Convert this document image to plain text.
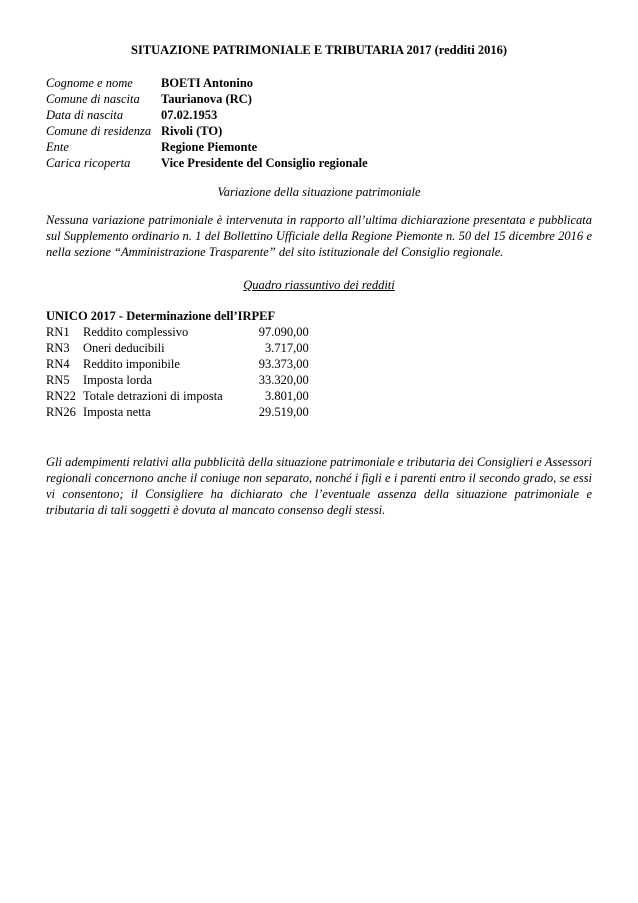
SITUAZIONE PATRIMONIALE E TRIBUTARIA 2017 (redditi 2016)
Cognome e nome	BOETI Antonino
Comune di nascita	Taurianova (RC)
Data di nascita	07.02.1953
Comune di residenza	Rivoli (TO)
Ente	Regione Piemonte
Carica ricoperta	Vice Presidente del Consiglio regionale
Variazione della situazione patrimoniale

Nessuna variazione patrimoniale è intervenuta in rapporto all’ultima dichiarazione presentata e pubblicata sul Supplemento ordinario n. 1 del Bollettino Ufficiale della Regione Piemonte n. 50 del 15 dicembre 2016 e nella sezione “Amministrazione Trasparente” del sito istituzionale del Consiglio regionale.

Quadro riassuntivo dei redditi
UNICO 2017 - Determinazione dell’IRPEF
RN1	Reddito complessivo	97.090,00
RN3	Oneri deducibili	3.717,00
RN4	Reddito imponibile	93.373,00
RN5	Imposta lorda	33.320,00
RN22	Totale detrazioni di imposta	3.801,00
RN26	Imposta netta	29.519,00

Gli adempimenti relativi alla pubblicità della situazione patrimoniale e tributaria dei Consiglieri e Assessori regionali concernono anche il coniuge non separato, nonché i figli e i parenti entro il secondo grado, se essi vi consentono; il Consigliere ha dichiarato che l’eventuale assenza della situazione patrimoniale e tributaria di tali soggetti è dovuta al mancato consenso degli stessi.
